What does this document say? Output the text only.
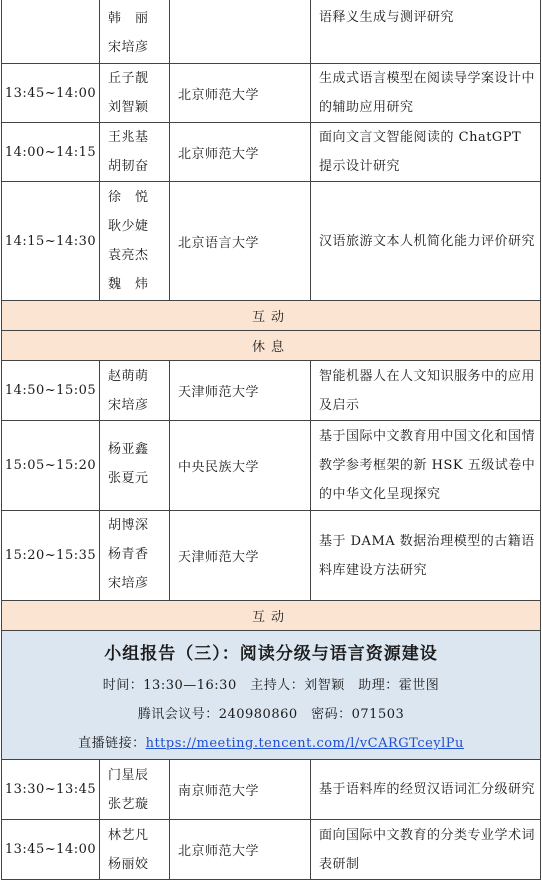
韩　丽
宋培彦
语释义生成与测评研究
13:45~14:00
丘子靓
刘智颖
北京师范大学
生成式语言模型在阅读导学案设计中的辅助应用研究
14:00~14:15
王兆基
胡韧奋
北京师范大学
面向文言文智能阅读的 ChatGPT 提示设计研究
14:15~14:30
徐　悦
耿少婕
袁亮杰
魏　炜
北京语言大学	汉语旅游文本人机简化能力评价研究
互动
休息
14:50~15:05
赵萌萌
宋培彦
天津师范大学
智能机器人在人文知识服务中的应用及启示
15:05~15:20
杨亚鑫
张夏元
中央民族大学
基于国际中文教育用中国文化和国情教学参考框架的新 HSK 五级试卷中的中华文化呈现探究
15:20~15:35
胡博深
杨青香
宋培彦
天津师范大学
基于 DAMA 数据治理模型的古籍语料库建设方法研究
互动
小组报告（三）：阅读分级与语言资源建设
时间：13:30—16:30　主持人：刘智颖　助理：霍世图
腾讯会议号：240980860　密码：071503
直播链接：https://meeting.tencent.com/l/vCARGTceylPu
13:30~13:45
门星辰
张艺璇
南京师范大学	基于语料库的经贸汉语词汇分级研究
13:45~14:00
林艺凡
杨丽姣
北京师范大学
面向国际中文教育的分类专业学术词表研制
